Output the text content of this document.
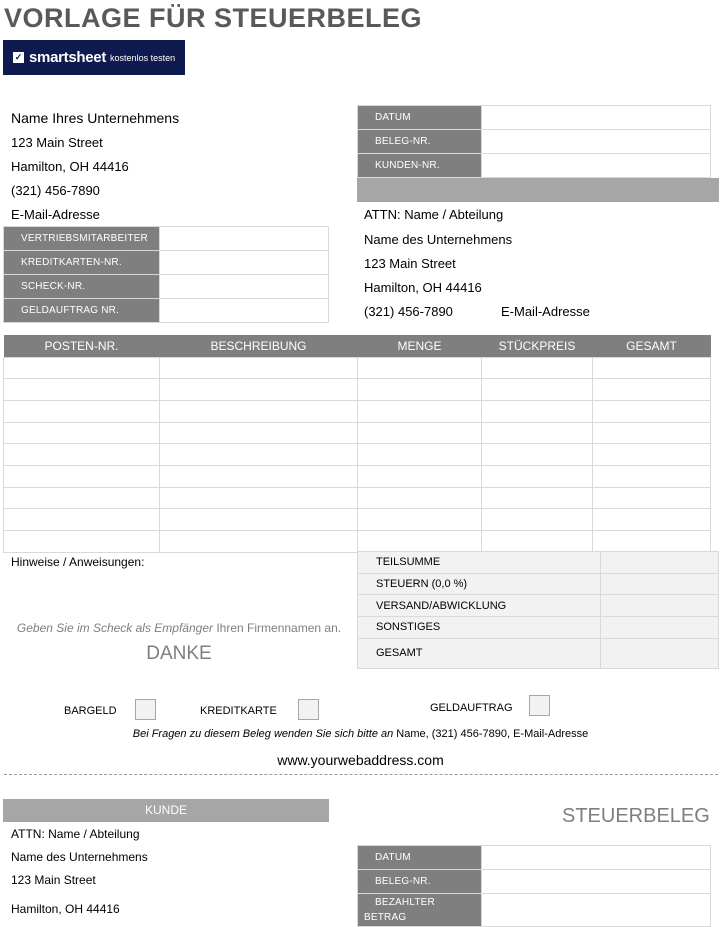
VORLAGE FÜR STEUERBELEG
✓ smartsheet kostenlos testen
Name Ihres Unternehmens
123 Main Street
Hamilton, OH 44416
(321) 456-7890
E-Mail-Adresse
VERTRIEBSMITARBEITER	
KREDITKARTEN-NR.	
SCHECK-NR.	
GELDAUFTRAG NR.	
DATUM	
BELEG-NR.	
KUNDEN-NR.	
ATTN: Name / Abteilung
Name des Unternehmens
123 Main Street
Hamilton, OH 44416
(321) 456-7890	E-Mail-Adresse
POSTEN-NR.	BESCHREIBUNG	MENGE	STÜCKPREIS	GESAMT

Hinweise / Anweisungen:
Geben Sie im Scheck als Empfänger Ihren Firmennamen an.
DANKE
TEILSUMME	
STEUERN (0,0 %)	
VERSAND/ABWICKLUNG	
SONSTIGES	
GESAMT	
BARGELD	KREDITKARTE	GELDAUFTRAG
Bei Fragen zu diesem Beleg wenden Sie sich bitte an Name, (321) 456-7890, E-Mail-Adresse
www.yourwebaddress.com
KUNDE
ATTN: Name / Abteilung
Name des Unternehmens
123 Main Street
Hamilton, OH 44416
STEUERBELEG
DATUM	
BELEG-NR.	
BEZAHLTER
BETRAG	
